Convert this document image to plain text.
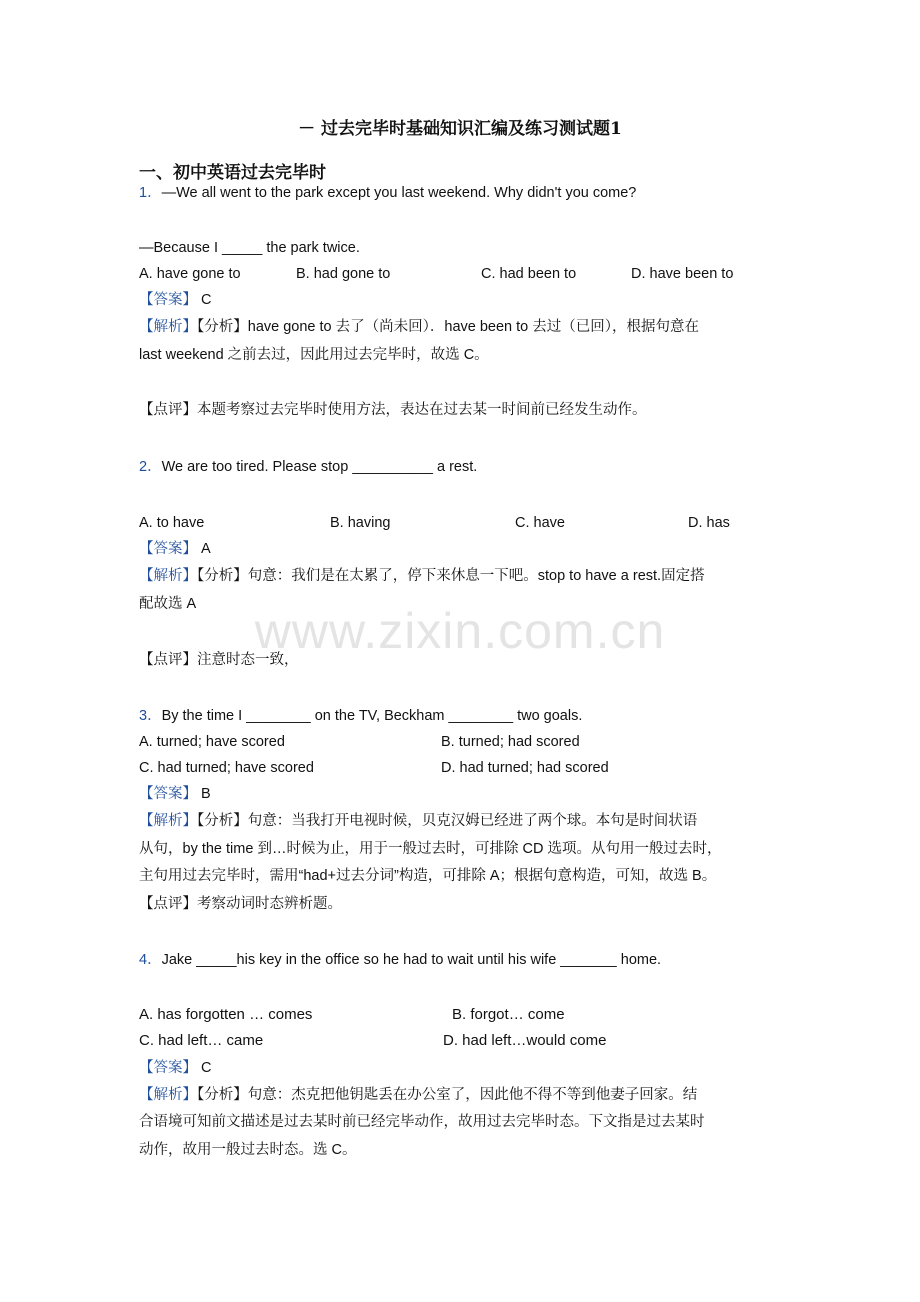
www.zixin.com.cn
－ 过去完毕时基础知识汇编及练习测试题1
一、初中英语过去完毕时
1．—We all went to the park except you last weekend. Why didn't you come?
—Because I _____ the park twice.
A. have gone to	B. had gone to	C. had been to	D. have been to
【答案】 C
【解析】【分析】have gone to 去了（尚未回）．have been to 去过（已回），根据句意在
last weekend 之前去过，因此用过去完毕时，故选 C。
【点评】本题考察过去完毕时使用方法，表达在过去某一时间前已经发生动作。
2．We are too tired. Please stop __________ a rest.
A. to have	B. having	C. have	D. has
【答案】 A
【解析】【分析】句意：我们是在太累了，停下来休息一下吧。stop to have a rest.固定搭
配故选 A
【点评】注意时态一致，
3．By the time I ________ on the TV, Beckham ________ two goals.
A. turned; have scored	B. turned; had scored
C. had turned; have scored	D. had turned; had scored
【答案】 B
【解析】【分析】句意：当我打开电视时候，贝克汉姆已经进了两个球。本句是时间状语
从句，by the time 到…时候为止，用于一般过去时，可排除 CD 选项。从句用一般过去时，
主句用过去完毕时，需用“had+过去分词”构造，可排除 A；根据句意构造，可知，故选 B。
【点评】考察动词时态辨析题。
4．Jake _____his key in the office so he had to wait until his wife _______ home.
A. has forgotten … comes	B. forgot… come
C. had left… came	D. had left…would come
【答案】 C
【解析】【分析】句意：杰克把他钥匙丢在办公室了，因此他不得不等到他妻子回家。结
合语境可知前文描述是过去某时前已经完毕动作，故用过去完毕时态。下文指是过去某时
动作，故用一般过去时态。选 C。
